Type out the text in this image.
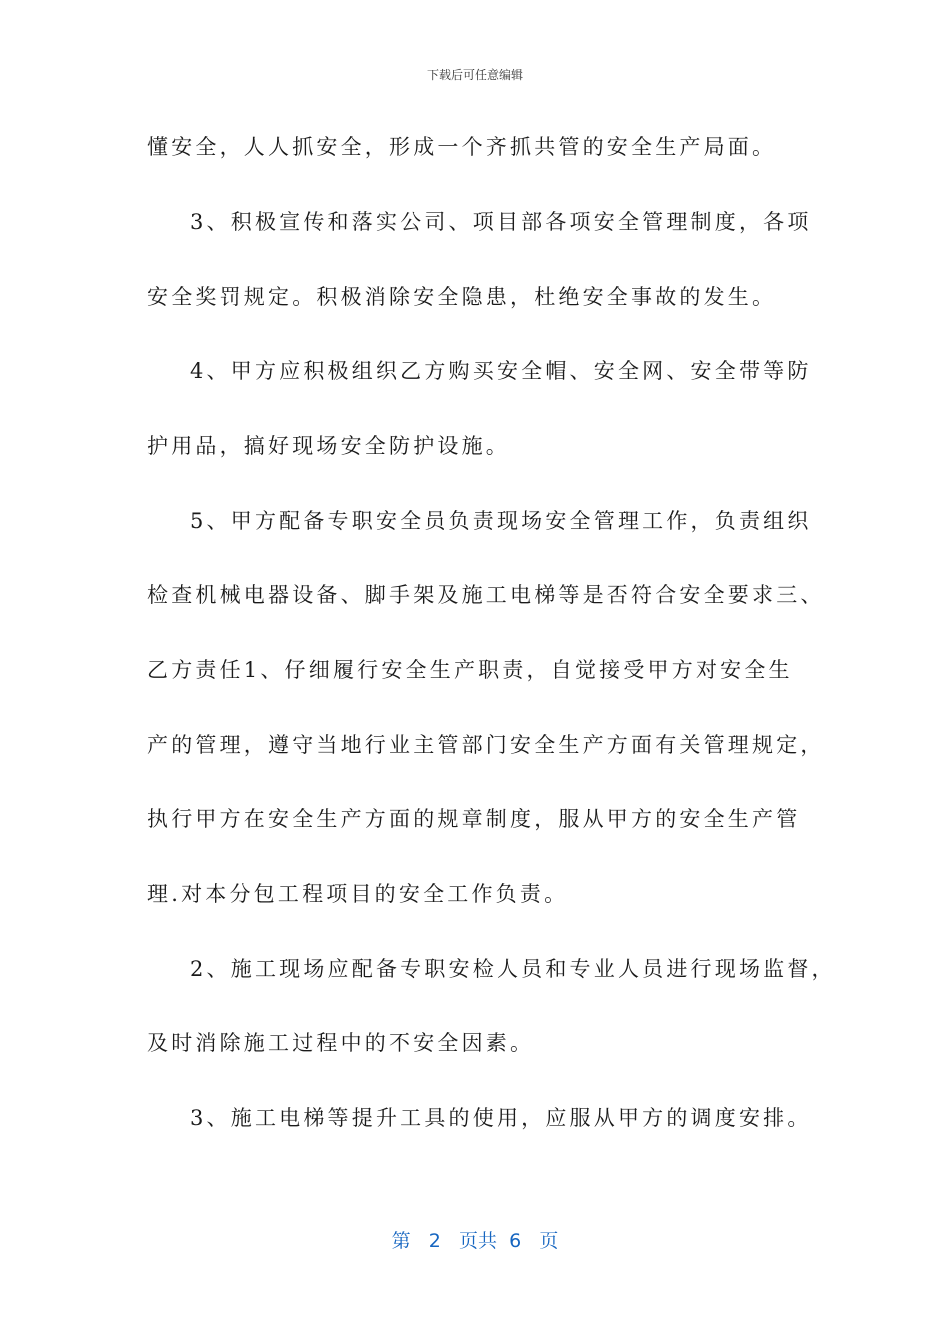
下载后可任意编辑
懂安全，人人抓安全，形成一个齐抓共管的安全生产局面。
3、积极宣传和落实公司、项目部各项安全管理制度，各项
安全奖罚规定。积极消除安全隐患，杜绝安全事故的发生。
4、甲方应积极组织乙方购买安全帽、安全网、安全带等防
护用品，搞好现场安全防护设施。
5、甲方配备专职安全员负责现场安全管理工作，负责组织
检查机械电器设备、脚手架及施工电梯等是否符合安全要求三、
乙方责任1、仔细履行安全生产职责，自觉接受甲方对安全生
产的管理，遵守当地行业主管部门安全生产方面有关管理规定，
执行甲方在安全生产方面的规章制度，服从甲方的安全生产管
理.对本分包工程项目的安全工作负责。
2、施工现场应配备专职安检人员和专业人员进行现场监督，
及时消除施工过程中的不安全因素。
3、施工电梯等提升工具的使用，应服从甲方的调度安排。
第 2 页共 6 页
